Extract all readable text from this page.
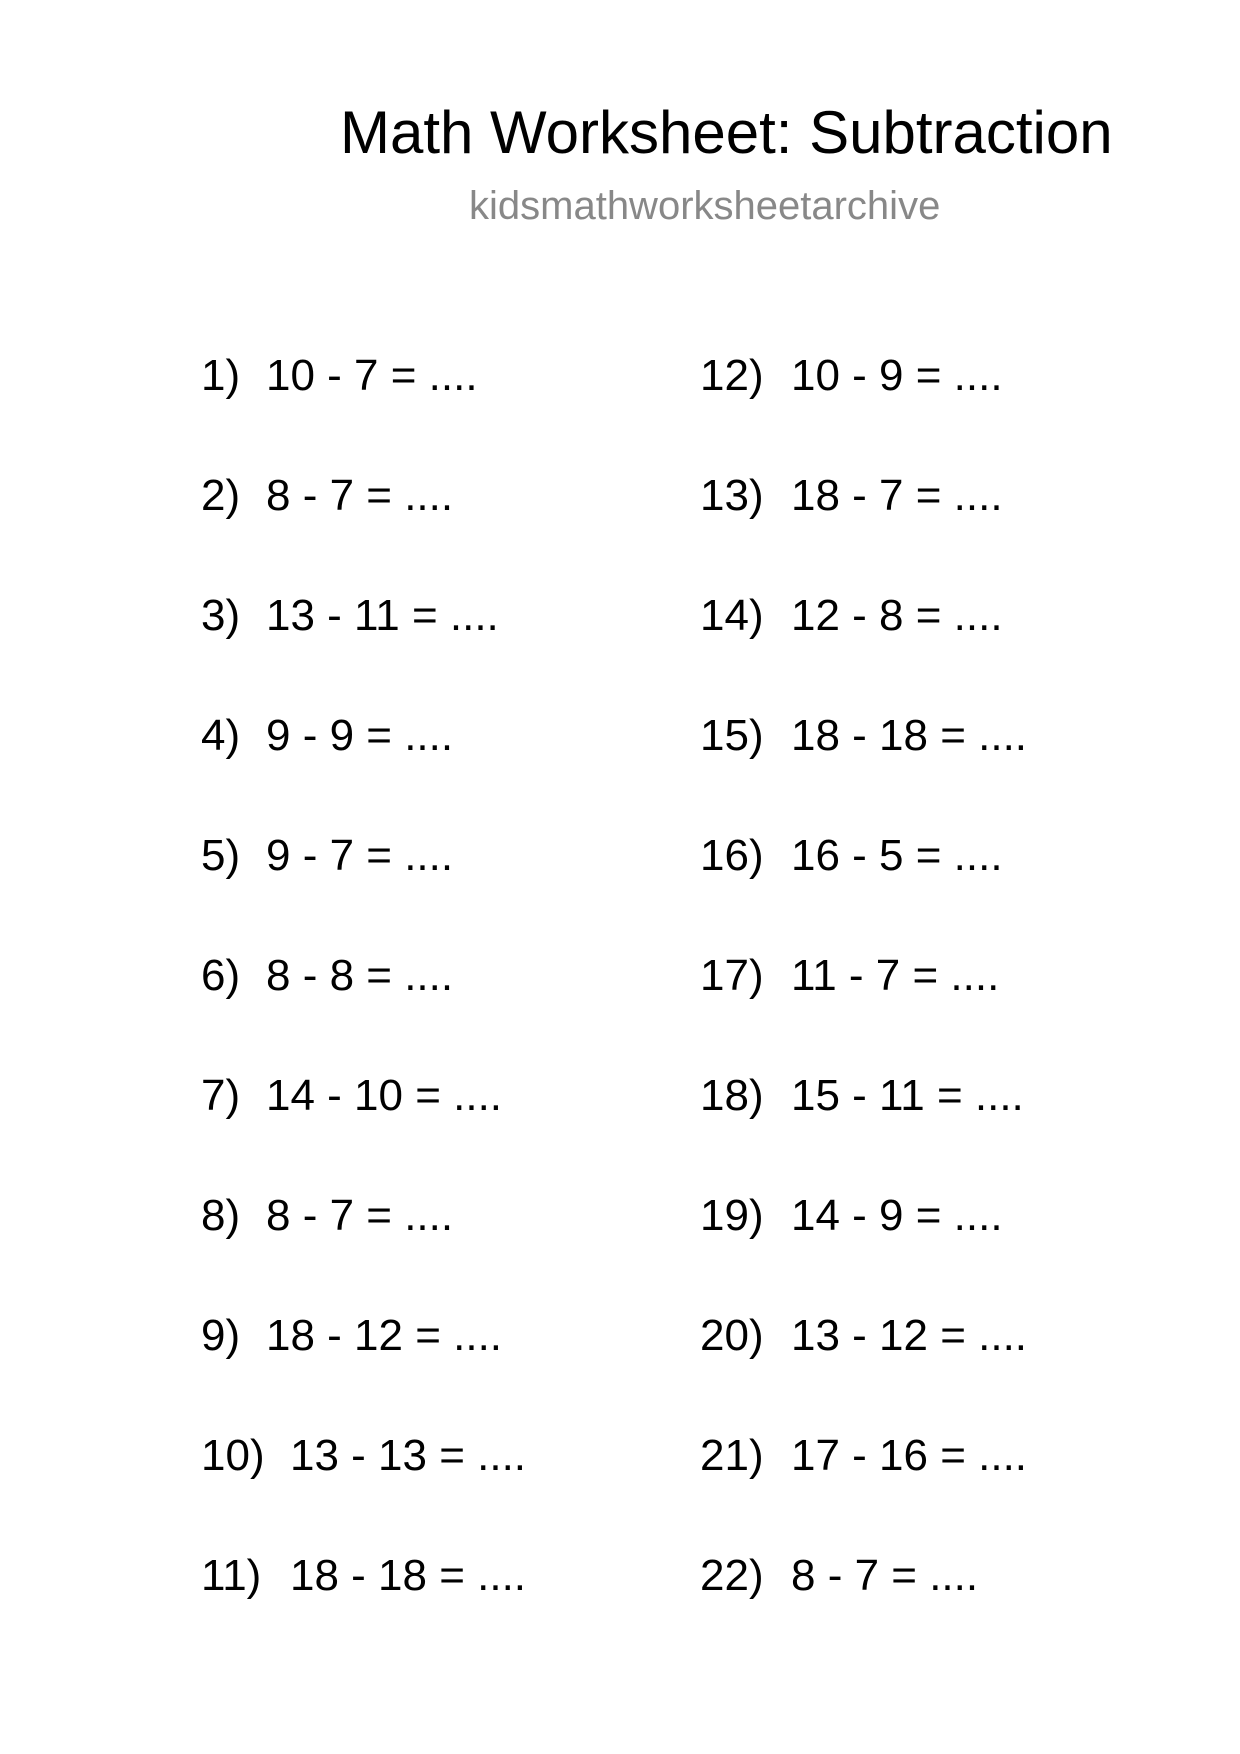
Math Worksheet: Subtraction
kidsmathworksheetarchive
1) 10 - 7 = ....
2) 8 - 7 = ....
3) 13 - 11 = ....
4) 9 - 9 = ....
5) 9 - 7 = ....
6) 8 - 8 = ....
7) 14 - 10 = ....
8) 8 - 7 = ....
9) 18 - 12 = ....
10) 13 - 13 = ....
11) 18 - 18 = ....
12) 10 - 9 = ....
13) 18 - 7 = ....
14) 12 - 8 = ....
15) 18 - 18 = ....
16) 16 - 5 = ....
17) 11 - 7 = ....
18) 15 - 11 = ....
19) 14 - 9 = ....
20) 13 - 12 = ....
21) 17 - 16 = ....
22) 8 - 7 = ....
